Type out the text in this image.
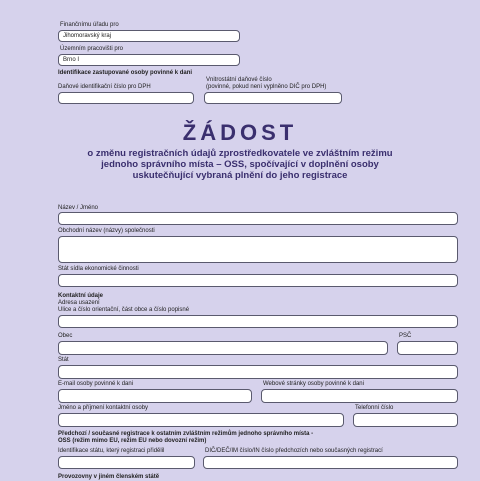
Finančnímu úřadu pro
Jihomoravský kraj
Územním pracovišti pro
Brno I
Identifikace zastupované osoby povinné k dani
Daňové identifikační číslo pro DPH
Vnitrostátní daňové číslo
(povinné, pokud není vyplněno DIČ pro DPH)
ŽÁDOST
o změnu registračních údajů zprostředkovatele ve zvláštním režimu
jednoho správního místa – OSS, spočívající v doplnění osoby
uskutečňující vybraná plnění do jeho registrace
Název / Jméno
Obchodní název (názvy) společnosti
Stát sídla ekonomické činnosti
Kontaktní údaje
Adresa usazení
Ulice a číslo orientační, část obce a číslo popisné
Obec	PSČ
Stát
E-mail osoby povinné k dani	Webové stránky osoby povinné k dani
Jméno a příjmení kontaktní osoby	Telefonní číslo
Předchozí / současné registrace k ostatním zvláštním režimům jednoho správního místa -
OSS (režim mimo EU, režim EU nebo dovozní režim)
Identifikace státu, který registraci přidělil	DIČ/DEČ/IM číslo/IN číslo předchozích nebo současných registrací
Provozovny v jiném členském státě
